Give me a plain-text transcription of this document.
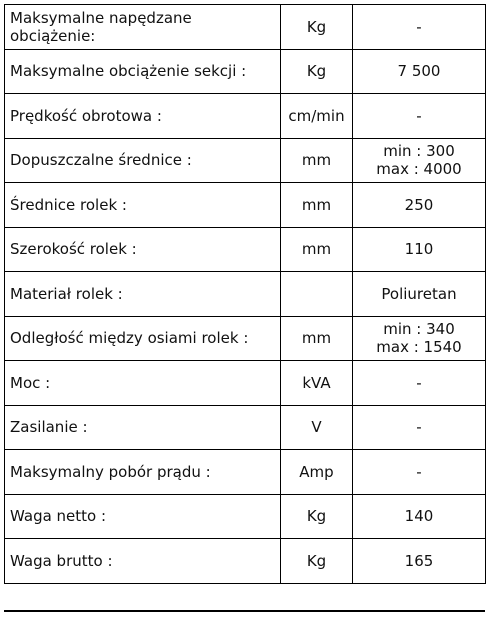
Maksymalne napędzane obciążenie:	Kg	-

Maksymalne obciążenie sekcji :	Kg	7 500

Prędkość obrotowa :	cm/min	-

Dopuszczalne średnice :	mm	min : 300
max : 4000

Średnice rolek :	mm	250

Szerokość rolek :	mm	110

Materiał rolek :		Poliuretan

Odległość między osiami rolek :	mm	min : 340
max : 1540

Moc :	kVA	-

Zasilanie :	V	-

Maksymalny pobór prądu :	Amp	-

Waga netto :	Kg	140

Waga brutto :	Kg	165
